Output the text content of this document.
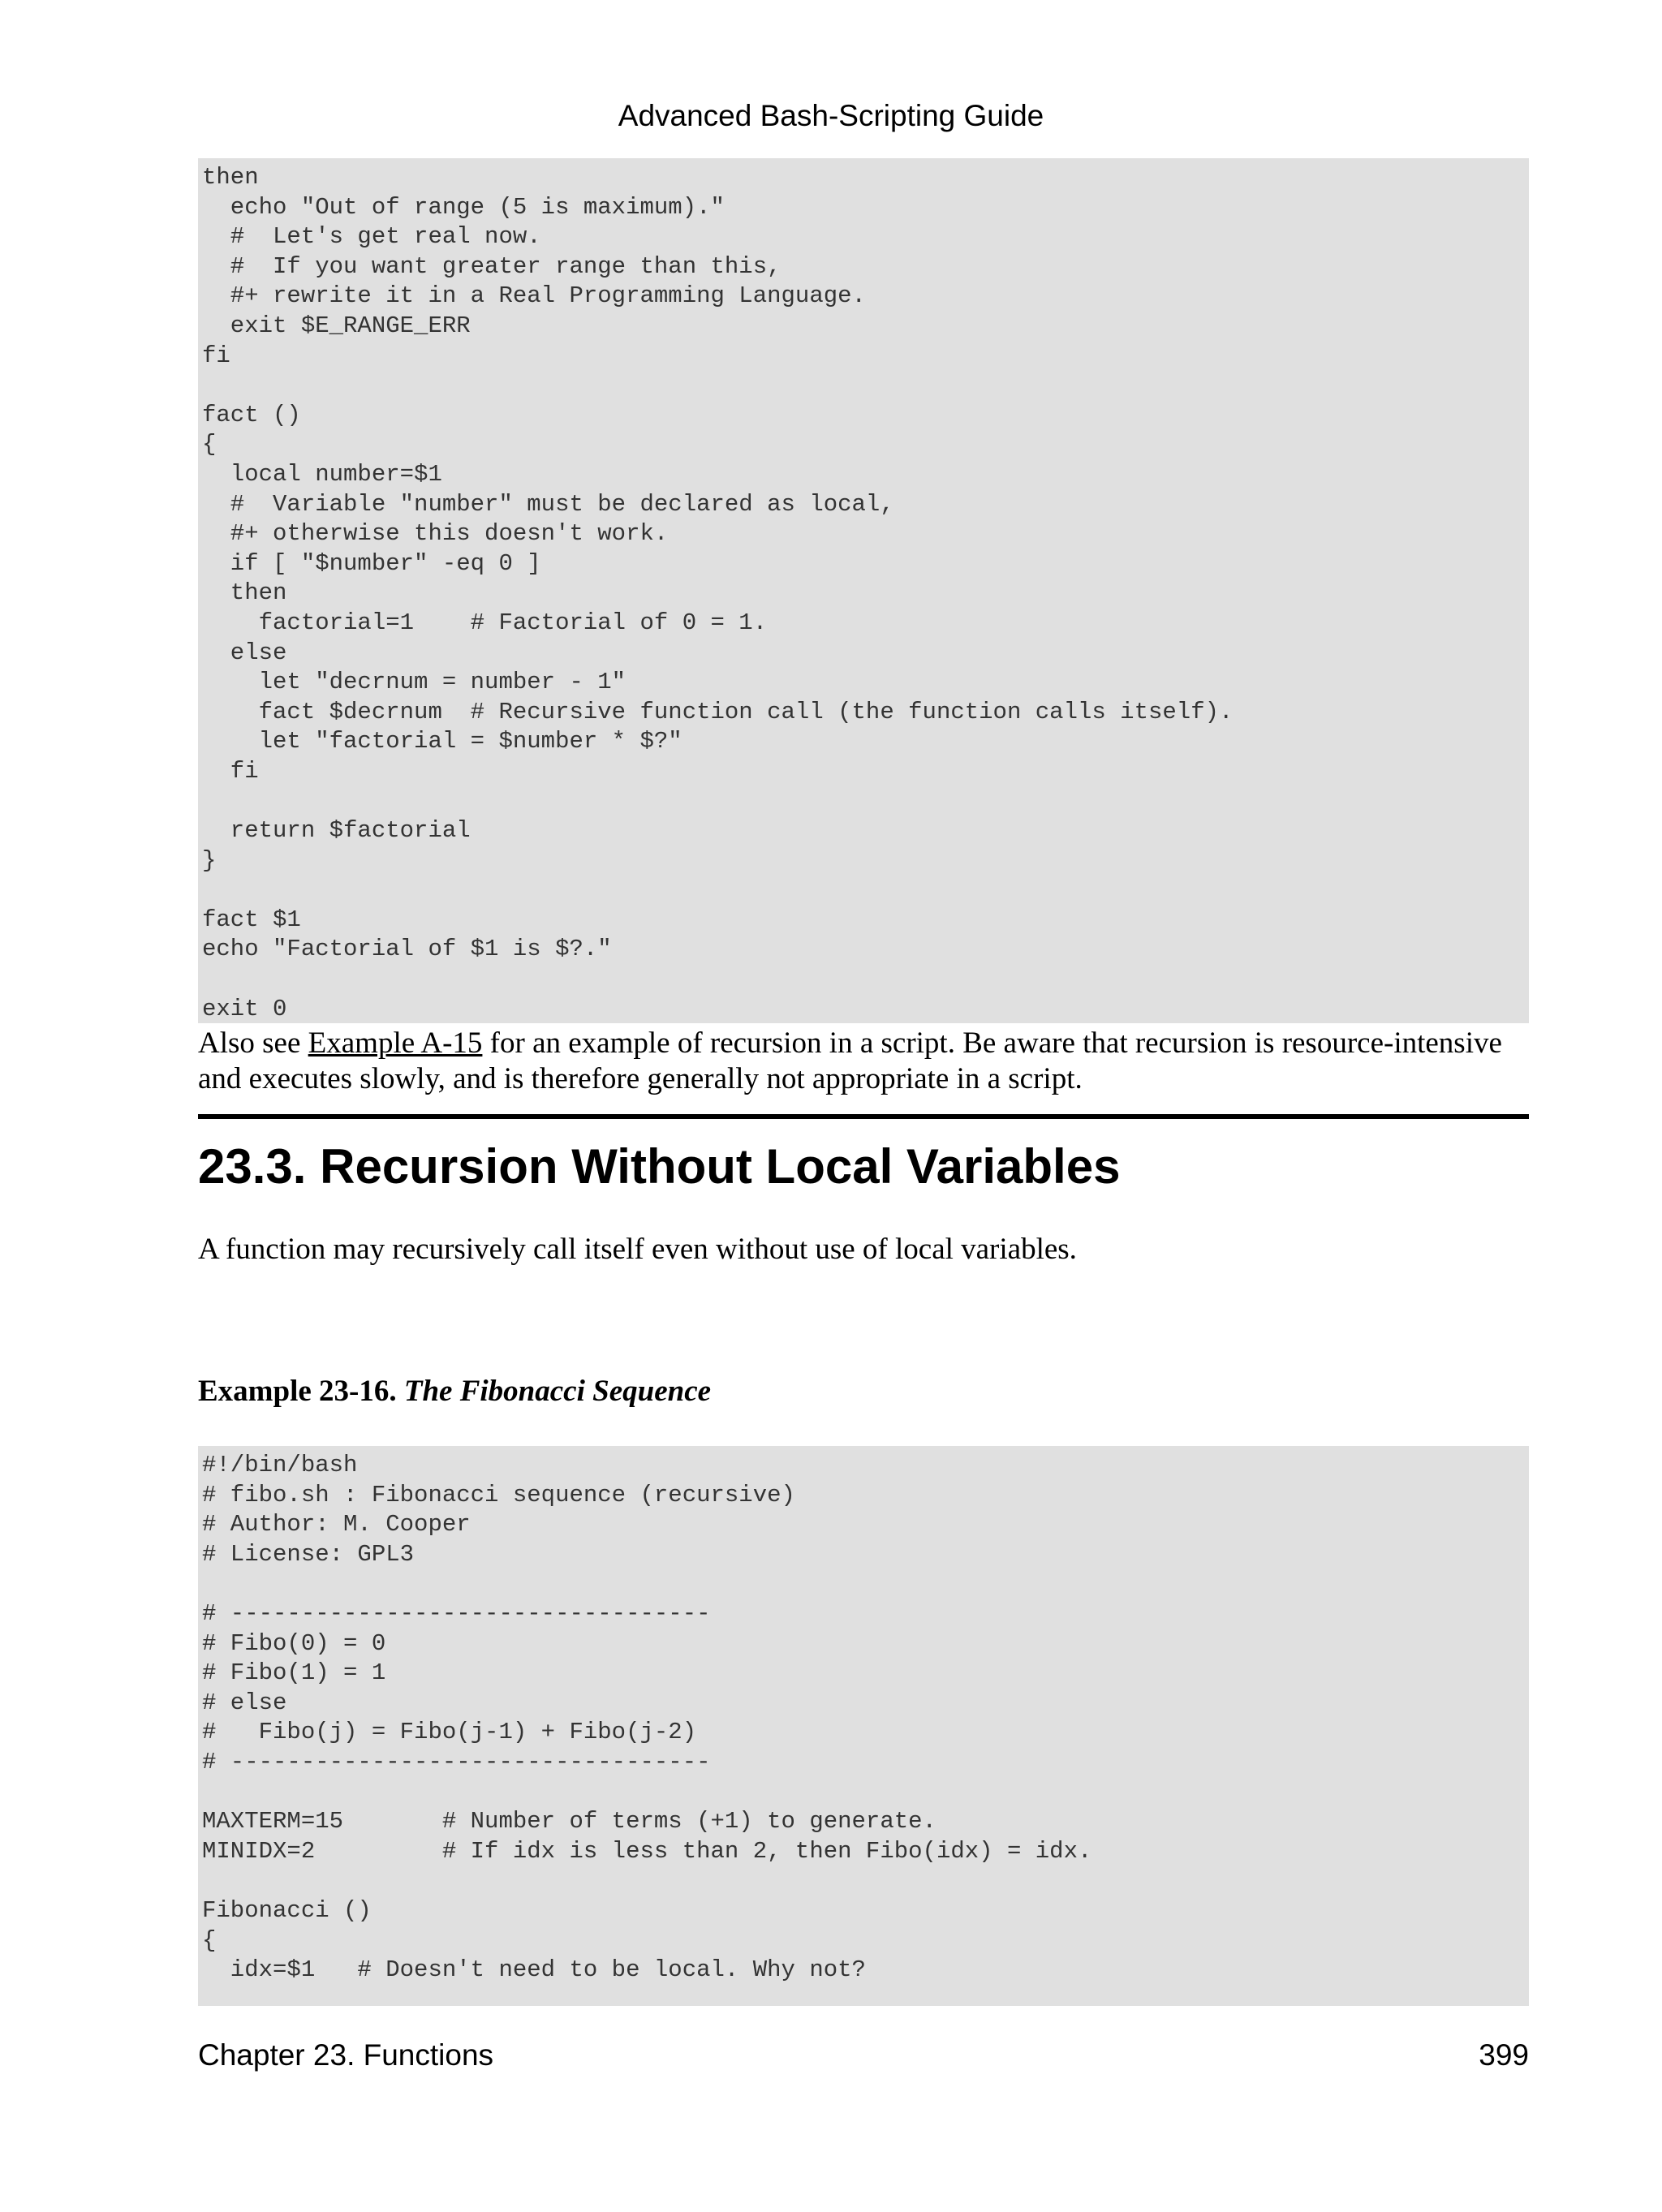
Advanced Bash-Scripting Guide
then
echo "Out of range (5 is maximum)."
#  Let's get real now.
#  If you want greater range than this,
#+ rewrite it in a Real Programming Language.
exit $E_RANGE_ERR
fi

fact ()
{
local number=$1
#  Variable "number" must be declared as local,
#+ otherwise this doesn't work.
if [ "$number" -eq 0 ]
then
factorial=1    # Factorial of 0 = 1.
else
let "decrnum = number - 1"
fact $decrnum  # Recursive function call (the function calls itself).
let "factorial = $number * $?"
fi

return $factorial
}

fact $1
echo "Factorial of $1 is $?."

exit 0

Also see Example A-15 for an example of recursion in a script. Be aware that recursion is resource-intensive and executes slowly, and is therefore generally not appropriate in a script.

23.3. Recursion Without Local Variables

A function may recursively call itself even without use of local variables.

Example 23-16. The Fibonacci Sequence

#!/bin/bash
# fibo.sh : Fibonacci sequence (recursive)
# Author: M. Cooper
# License: GPL3

# ----------------------------------
# Fibo(0) = 0
# Fibo(1) = 1
# else
#   Fibo(j) = Fibo(j-1) + Fibo(j-2)
# ----------------------------------

MAXTERM=15       # Number of terms (+1) to generate.
MINIDX=2         # If idx is less than 2, then Fibo(idx) = idx.

Fibonacci ()
{
idx=$1   # Doesn't need to be local. Why not?
Chapter 23. Functions	399
